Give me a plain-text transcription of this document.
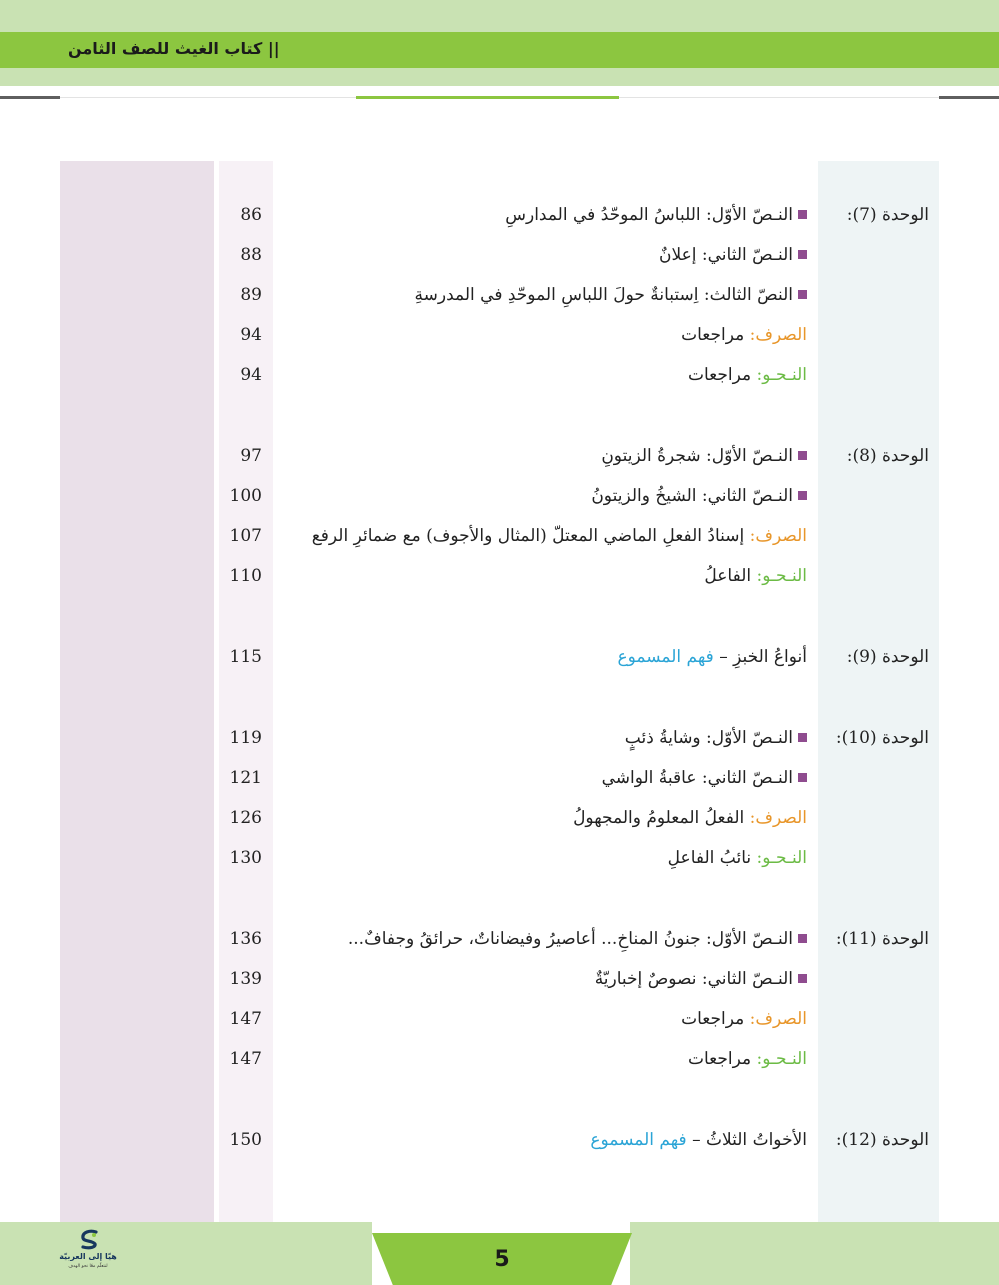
|| كتاب الغيث للصف الثامن
الوحدة (7):
النـصّ الأوّل: اللباسُ الموحّدُ في المدارسِ
86
النـصّ الثاني: إعلانٌ
88
النصّ الثالث: اِستبانةٌ حولَ اللباسِ الموحّدِ في المدرسةِ
89
الصرف: مراجعات
94
النـحـو: مراجعات
94
الوحدة (8):
النـصّ الأوّل: شجرةُ الزيتونِ
97
النـصّ الثاني: الشيخُ والزيتونُ
100
الصرف: إسنادُ الفعلِ الماضي المعتلّ (المثال والأجوف) مع ضمائرِ الرفع
107
النـحـو: الفاعلُ
110
الوحدة (9):
أنواعُ الخبزِ – فهم المسموع
115
الوحدة (10):
النـصّ الأوّل: وشايةُ ذئبٍ
119
النـصّ الثاني: عاقبةُ الواشي
121
الصرف: الفعلُ المعلومُ والمجهولُ
126
النـحـو: نائبُ الفاعلِ
130
الوحدة (11):
النـصّ الأوّل: جنونُ المناخِ... أعاصيرُ وفيضاناتٌ، حرائقُ وجفافٌ...
136
النـصّ الثاني: نصوصٌ إخباريّةٌ
139
الصرف: مراجعات
147
النـحـو: مراجعات
147
الوحدة (12):
الأخواتُ الثلاثُ – فهم المسموع
150
5
هيّا إلى العربيّة
لنتعلّم معًا نحو الهدف
